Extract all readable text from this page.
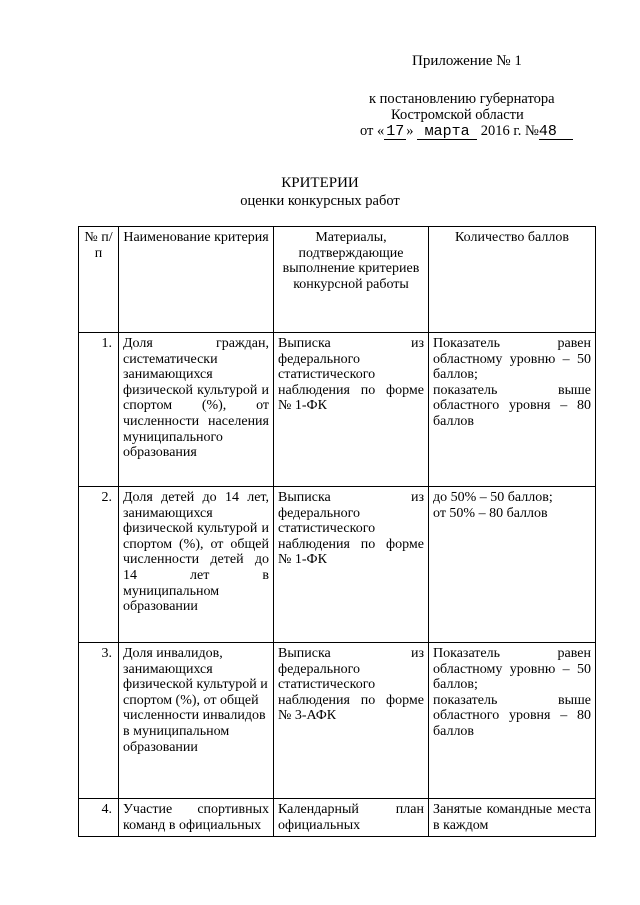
Приложение № 1
к постановлению губернатора
Костромской области
от « 17 » марта 2016 г. №48
КРИТЕРИИ
оценки конкурсных работ
№ п/п	Наименование критерия	Материалы, подтверждающие выполнение критериев конкурсной работы	Количество баллов
1.	Доля граждан, систематически занимающихся физической культурой и спортом (%), от численности населения муниципального образования	Выписка из федерального статистического наблюдения по форме № 1-ФК	Показатель равен областному уровню – 50 баллов;
показатель выше областного уровня – 80 баллов

2.	Доля детей до 14 лет, занимающихся физической культурой и спортом (%), от общей численности детей до 14 лет в муниципальном образовании	Выписка из федерального статистического наблюдения по форме № 1-ФК	до 50% – 50 баллов;
от 50% – 80 баллов

3.	Доля инвалидов, занимающихся физической культурой и спортом (%), от общей численности инвалидов в муниципальном образовании	Выписка из федерального статистического наблюдения по форме № 3-АФК	Показатель равен областному уровню – 50 баллов;
показатель выше областного уровня – 80 баллов

4.	Участие спортивных команд в официальных	Календарный план официальных	Занятые командные места в каждом
